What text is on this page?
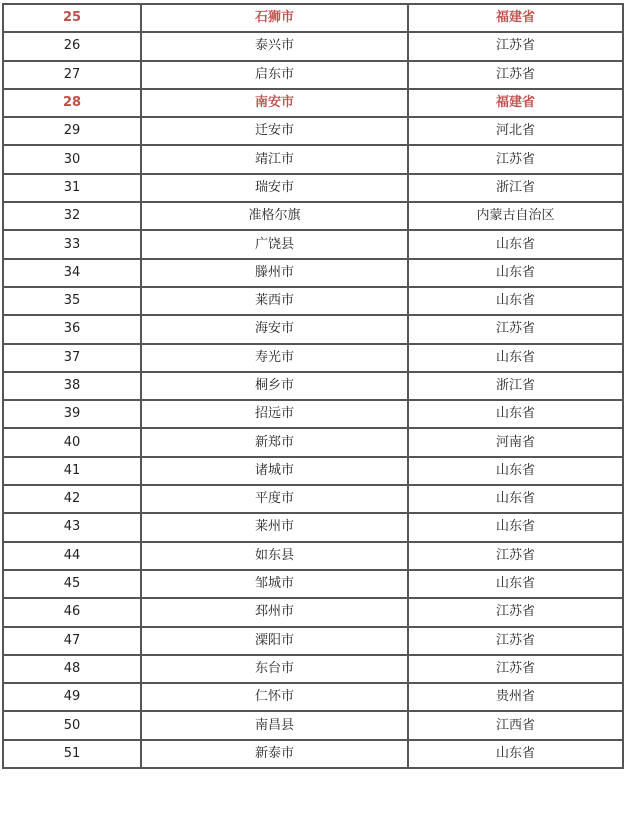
25	石狮市	福建省
26	泰兴市	江苏省
27	启东市	江苏省
28	南安市	福建省
29	迁安市	河北省
30	靖江市	江苏省
31	瑞安市	浙江省
32	准格尔旗	内蒙古自治区
33	广饶县	山东省
34	滕州市	山东省
35	莱西市	山东省
36	海安市	江苏省
37	寿光市	山东省
38	桐乡市	浙江省
39	招远市	山东省
40	新郑市	河南省
41	诸城市	山东省
42	平度市	山东省
43	莱州市	山东省
44	如东县	江苏省
45	邹城市	山东省
46	邳州市	江苏省
47	溧阳市	江苏省
48	东台市	江苏省
49	仁怀市	贵州省
50	南昌县	江西省
51	新泰市	山东省
